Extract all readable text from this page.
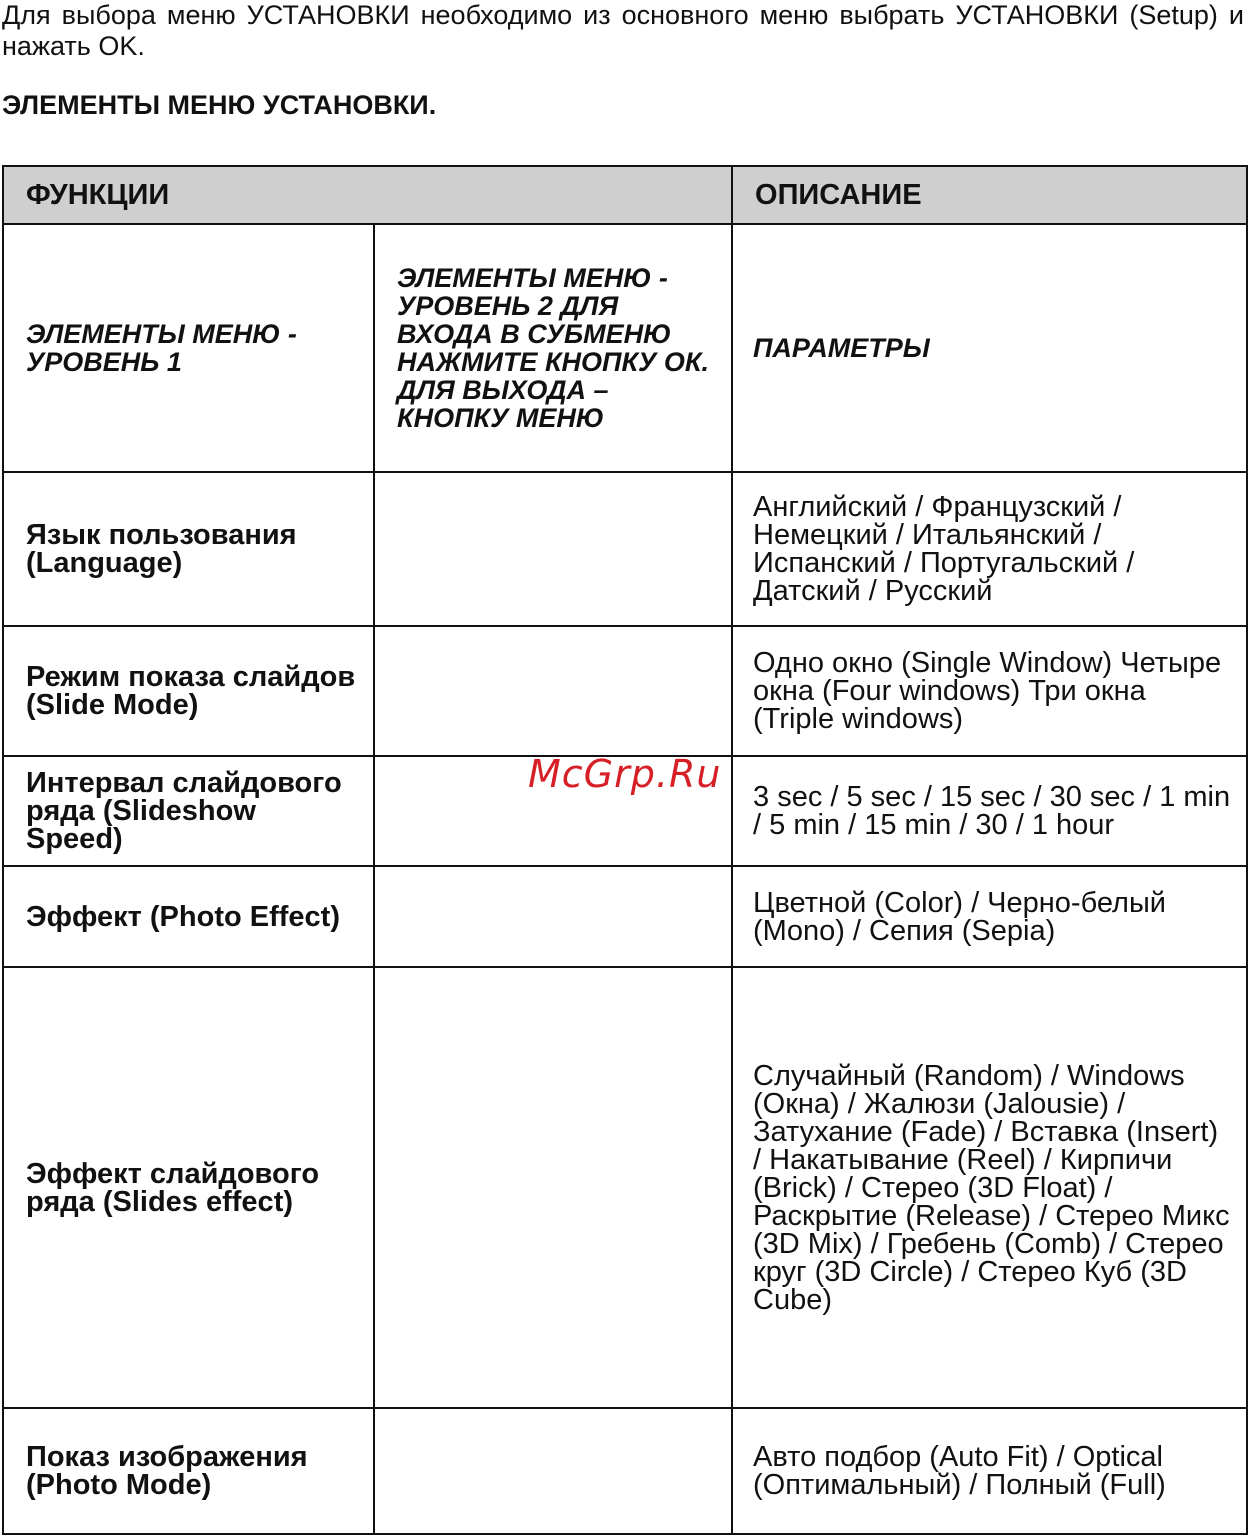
Для выбора меню УСТАНОВКИ необходимо из основного меню выбрать УСТАНОВКИ (Setup) и нажать OK.

ЭЛЕМЕНТЫ МЕНЮ УСТАНОВКИ.

ФУНКЦИИ		ОПИСАНИЕ
ЭЛЕМЕНТЫ МЕНЮ - УРОВЕНЬ 1	ЭЛЕМЕНТЫ МЕНЮ - УРОВЕНЬ 2 ДЛЯ ВХОДА В СУБМЕНЮ НАЖМИТЕ КНОПКУ ОК. ДЛЯ ВЫХОДА – КНОПКУ МЕНЮ	ПАРАМЕТРЫ
Язык пользования (Language)		Английский / Французский / Немецкий / Итальянский / Испанский / Португальский / Датский / Русский
Режим показа слайдов (Slide Mode)		Одно окно (Single Window) Четыре окна (Four windows) Три окна (Triple windows)
Интервал слайдового ряда (Slideshow Speed)		3 sec / 5 sec / 15 sec / 30 sec / 1 min / 5 min / 15 min / 30 / 1 hour
Эффект (Photo Effect)		Цветной (Color) / Черно-белый (Mono) / Сепия (Sepia)
Эффект слайдового ряда (Slides effect)		Случайный (Random) / Windows (Окна) / Жалюзи (Jalousie) / Затухание (Fade) / Вставка (Insert) / Накатывание (Reel) / Кирпичи (Brick) / Стерео (3D Float) / Раскрытие (Release) / Стерео Микс (3D Mix) / Гребень (Comb) / Стерео круг (3D Circle) / Стерео Куб (3D Cube)
Показ изображения (Photo Mode)		Авто подбор (Auto Fit) / Optical (Оптимальный) / Полный (Full)
McGrp.Ru
